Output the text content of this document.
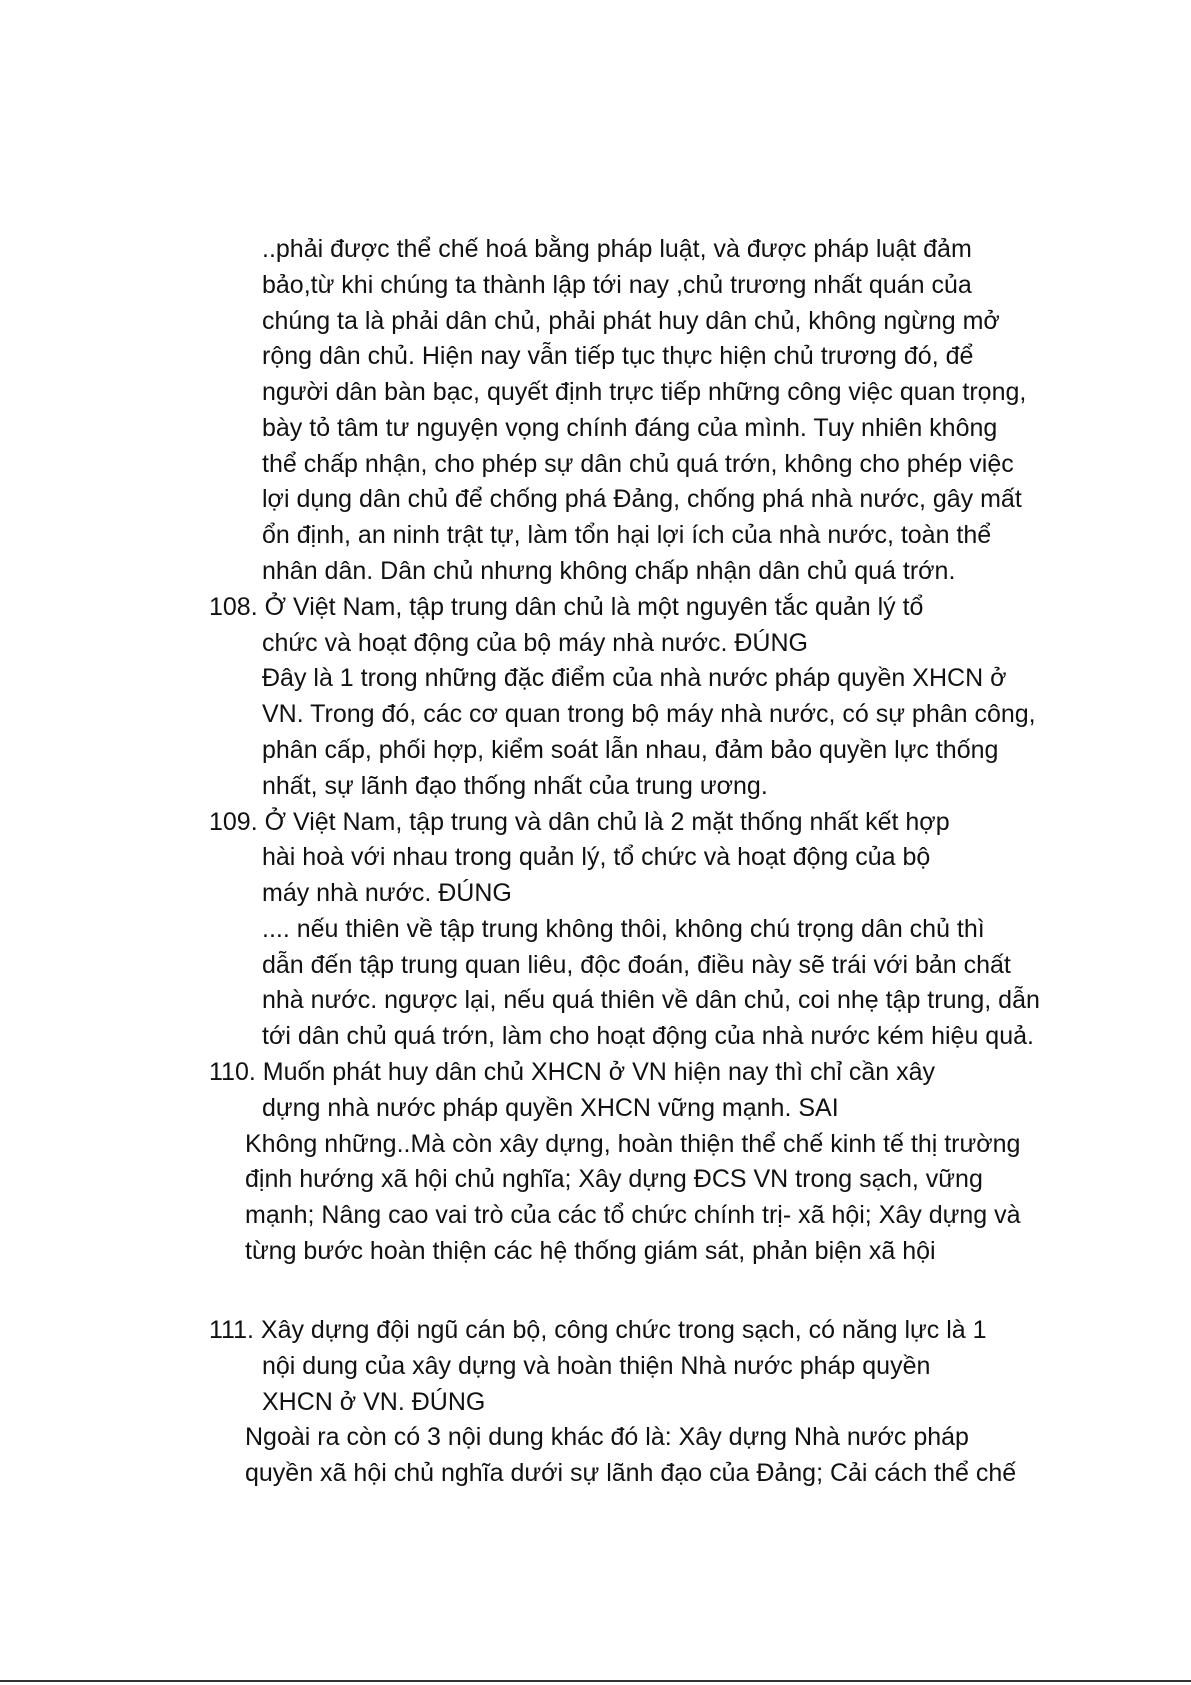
..phải được thể chế hoá bằng pháp luật, và được pháp luật đảm
bảo,từ khi chúng ta thành lập tới nay ,chủ trương nhất quán của
chúng ta là phải dân chủ, phải phát huy dân chủ, không ngừng mở
rộng dân chủ. Hiện nay vẫn tiếp tục thực hiện chủ trương đó, để
người dân bàn bạc, quyết định trực tiếp những công việc quan trọng,
bày tỏ tâm tư nguyện vọng chính đáng của mình. Tuy nhiên không
thể chấp nhận, cho phép sự dân chủ quá trớn, không cho phép việc
lợi dụng dân chủ để chống phá Đảng, chống phá nhà nước, gây mất
ổn định, an ninh trật tự, làm tổn hại lợi ích của nhà nước, toàn thể
nhân dân. Dân chủ nhưng không chấp nhận dân chủ quá trớn.
108. Ở Việt Nam, tập trung dân chủ là một nguyên tắc quản lý tổ
chức và hoạt động của bộ máy nhà nước. ĐÚNG
Đây là 1 trong những đặc điểm của nhà nước pháp quyền XHCN ở
VN. Trong đó, các cơ quan trong bộ máy nhà nước, có sự phân công,
phân cấp, phối hợp, kiểm soát lẫn nhau, đảm bảo quyền lực thống
nhất, sự lãnh đạo thống nhất của trung ương.
109. Ở Việt Nam, tập trung và dân chủ là 2 mặt thống nhất kết hợp
hài hoà với nhau trong quản lý, tổ chức và hoạt động của bộ
máy nhà nước. ĐÚNG
.... nếu thiên về tập trung không thôi, không chú trọng dân chủ thì
dẫn đến tập trung quan liêu, độc đoán, điều này sẽ trái với bản chất
nhà nước. ngược lại, nếu quá thiên về dân chủ, coi nhẹ tập trung, dẫn
tới dân chủ quá trớn, làm cho hoạt động của nhà nước kém hiệu quả.
110. Muốn phát huy dân chủ XHCN ở VN hiện nay thì chỉ cần xây
dựng nhà nước pháp quyền XHCN vững mạnh. SAI
Không những..Mà còn xây dựng, hoàn thiện thể chế kinh tế thị trường
định hướng xã hội chủ nghĩa; Xây dựng ĐCS VN trong sạch, vững
mạnh; Nâng cao vai trò của các tổ chức chính trị- xã hội; Xây dựng và
từng bước hoàn thiện các hệ thống giám sát, phản biện xã hội
111. Xây dựng đội ngũ cán bộ, công chức trong sạch, có năng lực là 1
nội dung của xây dựng và hoàn thiện Nhà nước pháp quyền
XHCN ở VN. ĐÚNG
Ngoài ra còn có 3 nội dung khác đó là: Xây dựng Nhà nước pháp
quyền xã hội chủ nghĩa dưới sự lãnh đạo của Đảng; Cải cách thể chế
